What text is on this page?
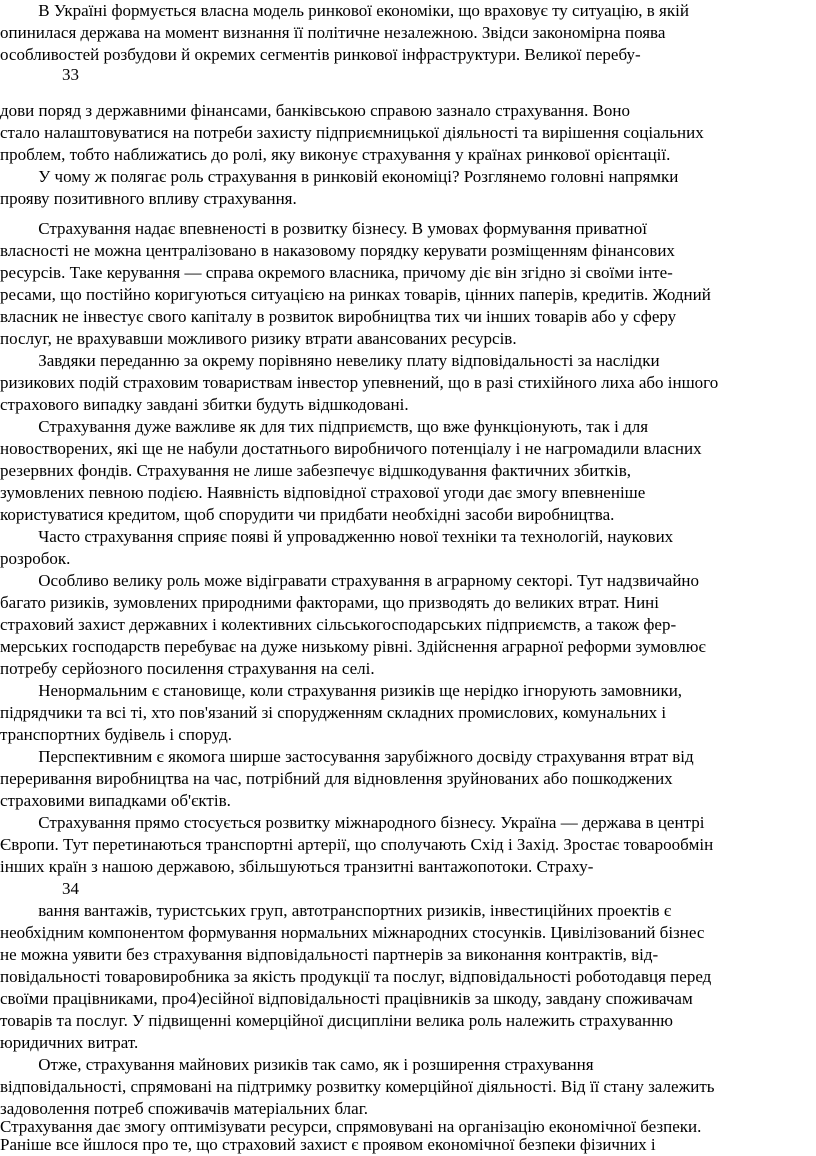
В Україні формується власна модель ринкової економіки, що враховує ту ситуацію, в якій
опинилася держава на момент визнання її політичне незалежною. Звідси закономірна поява
особливостей розбудови й окремих сегментів ринкової інфраструктури. Великої перебу-
33
дови поряд з державними фінансами, банківською справою зазнало страхування. Воно
стало налаштовуватися на потреби захисту підприємницької діяльності та вирішення соціальних
проблем, тобто наближатись до ролі, яку виконує страхування у країнах ринкової орієнтації.
У чому ж полягає роль страхування в ринковій економіці? Розглянемо головні напрямки
прояву позитивного впливу страхування.
Страхування надає впевненості в розвитку бізнесу. В умовах формування приватної
власності не можна централізовано в наказовому порядку керувати розміщенням фінансових
ресурсів. Таке керування — справа окремого власника, причому діє він згідно зі своїми інте-
ресами, що постійно коригуються ситуацією на ринках товарів, цінних паперів, кредитів. Жодний
власник не інвестує свого капіталу в розвиток виробництва тих чи інших товарів або у сферу
послуг, не врахувавши можливого ризику втрати авансованих ресурсів.
Завдяки переданню за окрему порівняно невелику плату відповідальності за наслідки
ризикових подій страховим товариствам інвестор упевнений, що в разі стихійного лиха або іншого
страхового випадку завдані збитки будуть відшкодовані.
Страхування дуже важливе як для тих підприємств, що вже функціонують, так і для
новостворених, які ще не набули достатнього виробничого потенціалу і не нагромадили власних
резервних фондів. Страхування не лише забезпечує відшкодування фактичних збитків,
зумовлених певною подією. Наявність відповідної страхової угоди дає змогу впевненіше
користуватися кредитом, щоб спорудити чи придбати необхідні засоби виробництва.
Часто страхування сприяє появі й упровадженню нової техніки та технологій, наукових
розробок.
Особливо велику роль може відігравати страхування в аграрному секторі. Тут надзвичайно
багато ризиків, зумовлених природними факторами, що призводять до великих втрат. Нині
страховий захист державних і колективних сільськогосподарських підприємств, а також фер-
мерських господарств перебуває на дуже низькому рівні. Здійснення аграрної реформи зумовлює
потребу серйозного посилення страхування на селі.
Ненормальним є становище, коли страхування ризиків ще нерідко ігнорують замовники,
підрядчики та всі ті, хто пов'язаний зі спорудженням складних промислових, комунальних і
транспортних будівель і споруд.
Перспективним є якомога ширше застосування зарубіжного досвіду страхування втрат від
переривання виробництва на час, потрібний для відновлення зруйнованих або пошкоджених
страховими випадками об'єктів.
Страхування прямо стосується розвитку міжнародного бізнесу. Україна — держава в центрі
Європи. Тут перетинаються транспортні артерії, що сполучають Схід і Захід. Зростає товарообмін
інших країн з нашою державою, збільшуються транзитні вантажопотоки. Страху-
34
вання вантажів, туристських груп, автотранспортних ризиків, інвестиційних проектів є
необхідним компонентом формування нормальних міжнародних стосунків. Цивілізований бізнес
не можна уявити без страхування відповідальності партнерів за виконання контрактів, від-
повідальності товаровиробника за якість продукції та послуг, відповідальності роботодавця перед
своїми працівниками, про4)есійної відповідальності працівників за шкоду, завдану споживачам
товарів та послуг. У підвищенні комерційної дисципліни велика роль належить страхуванню
юридичних витрат.
Отже, страхування майнових ризиків так само, як і розширення страхування
відповідальності, спрямовані на підтримку розвитку комерційної діяльності. Від її стану залежить
задоволення потреб споживачів матеріальних благ.
Страхування дає змогу оптимізувати ресурси, спрямовувані на організацію економічної безпеки.
Раніше все йшлося про те, що страховий захист є проявом економічної безпеки фізичних і
